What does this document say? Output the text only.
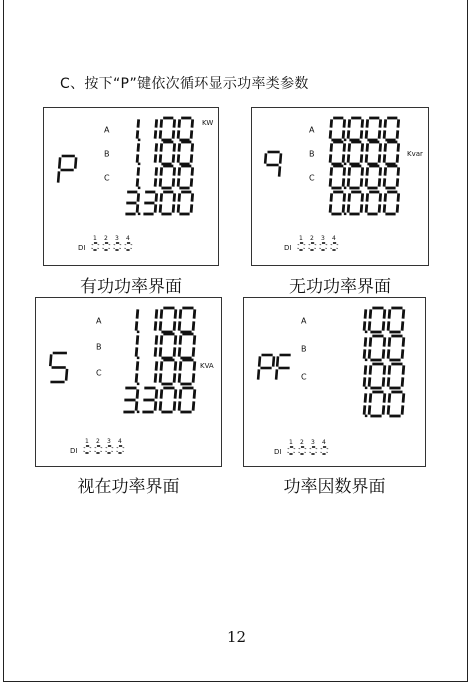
C、按下“P”键依次循环显示功率类参数
A
B
C
KW
DI
1 2 3 4
有功功率界面
A
B
C
Kvar
DI
1 2 3 4
无功功率界面
A
B
C
KVA
DI
1 2 3 4
视在功率界面
A
B
C
DI
1 2 3 4
功率因数界面
12
